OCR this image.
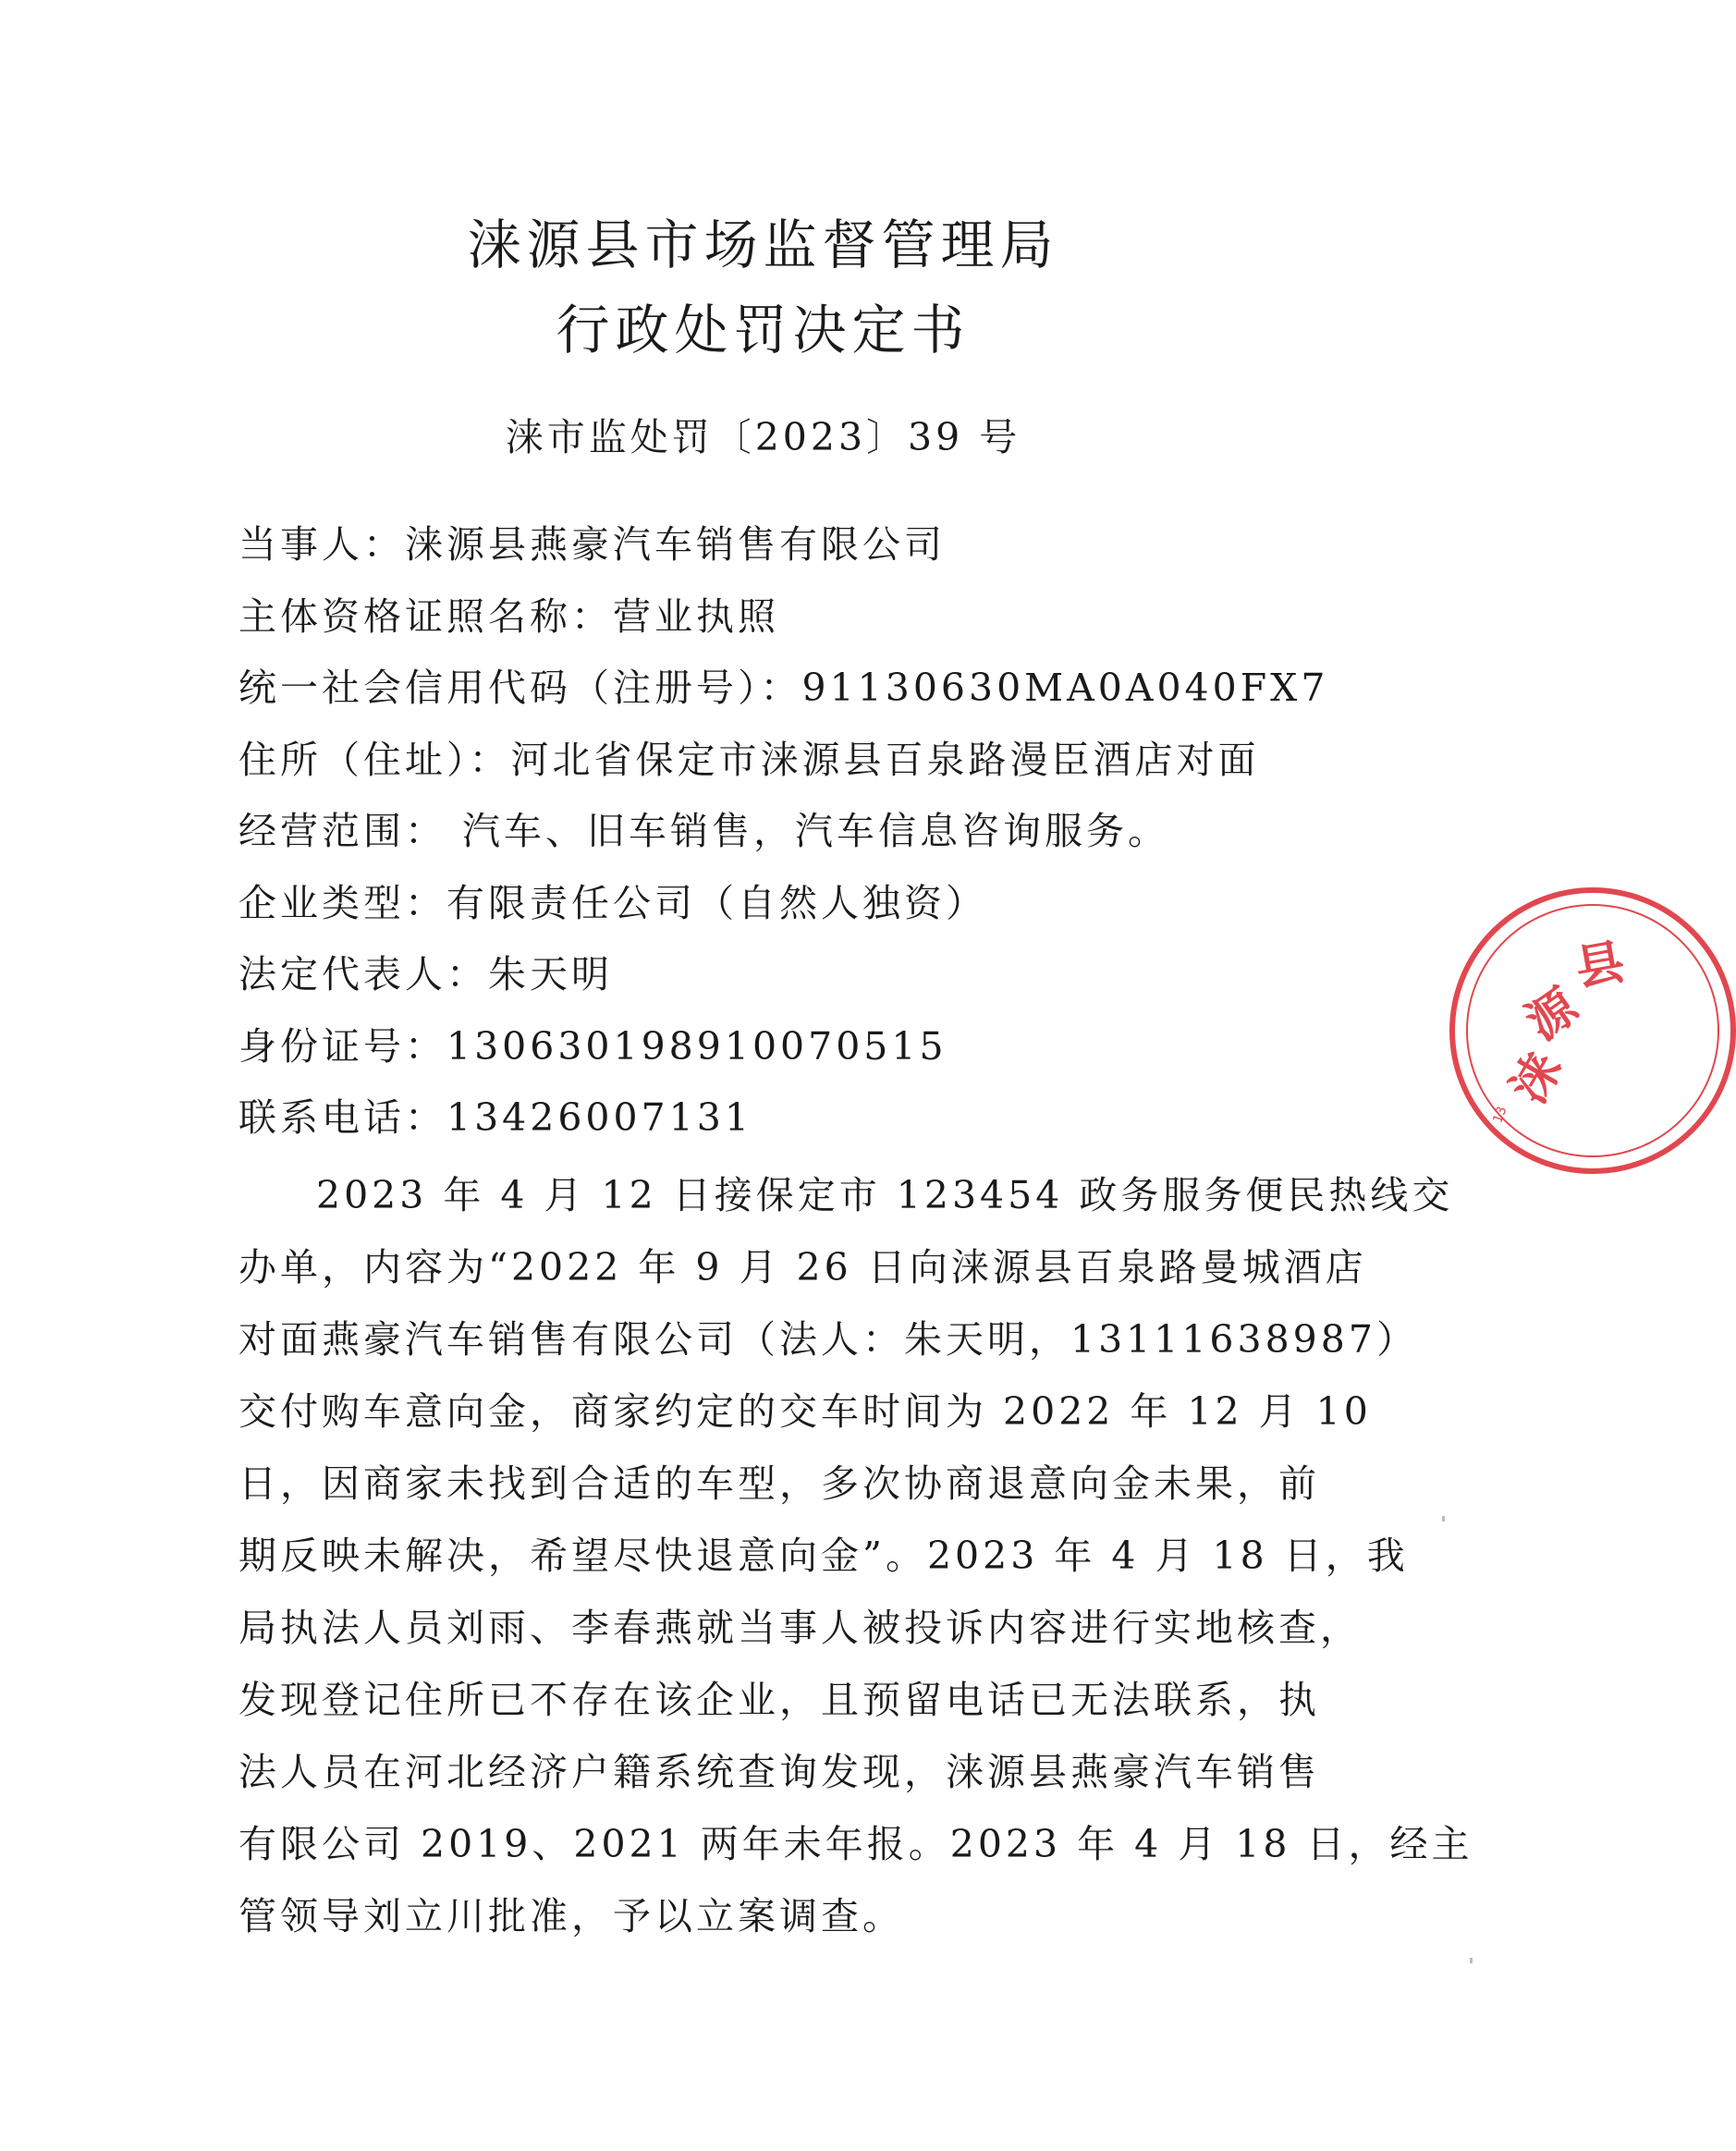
涞源县市场监督管理局
行政处罚决定书
涞市监处罚〔2023〕39 号
当事人：涞源县燕豪汽车销售有限公司
主体资格证照名称：营业执照
统一社会信用代码（注册号）：91130630MA0A040FX7
住所（住址）：河北省保定市涞源县百泉路漫臣酒店对面
经营范围： 汽车、旧车销售，汽车信息咨询服务。
企业类型：有限责任公司（自然人独资）
法定代表人：朱天明
身份证号：130630198910070515
联系电话：13426007131
2023 年 4 月 12 日接保定市 123454 政务服务便民热线交
办单，内容为“2022 年 9 月 26 日向涞源县百泉路曼城酒店
对面燕豪汽车销售有限公司（法人：朱天明，13111638987）
交付购车意向金，商家约定的交车时间为 2022 年 12 月 10
日，因商家未找到合适的车型，多次协商退意向金未果，前
期反映未解决，希望尽快退意向金”。2023 年 4 月 18 日，我
局执法人员刘雨、李春燕就当事人被投诉内容进行实地核查，
发现登记住所已不存在该企业，且预留电话已无法联系，执
法人员在河北经济户籍系统查询发现，涞源县燕豪汽车销售
有限公司 2019、2021 两年未年报。2023 年 4 月 18 日，经主
管领导刘立川批准，予以立案调查。
涞
源
县
13
